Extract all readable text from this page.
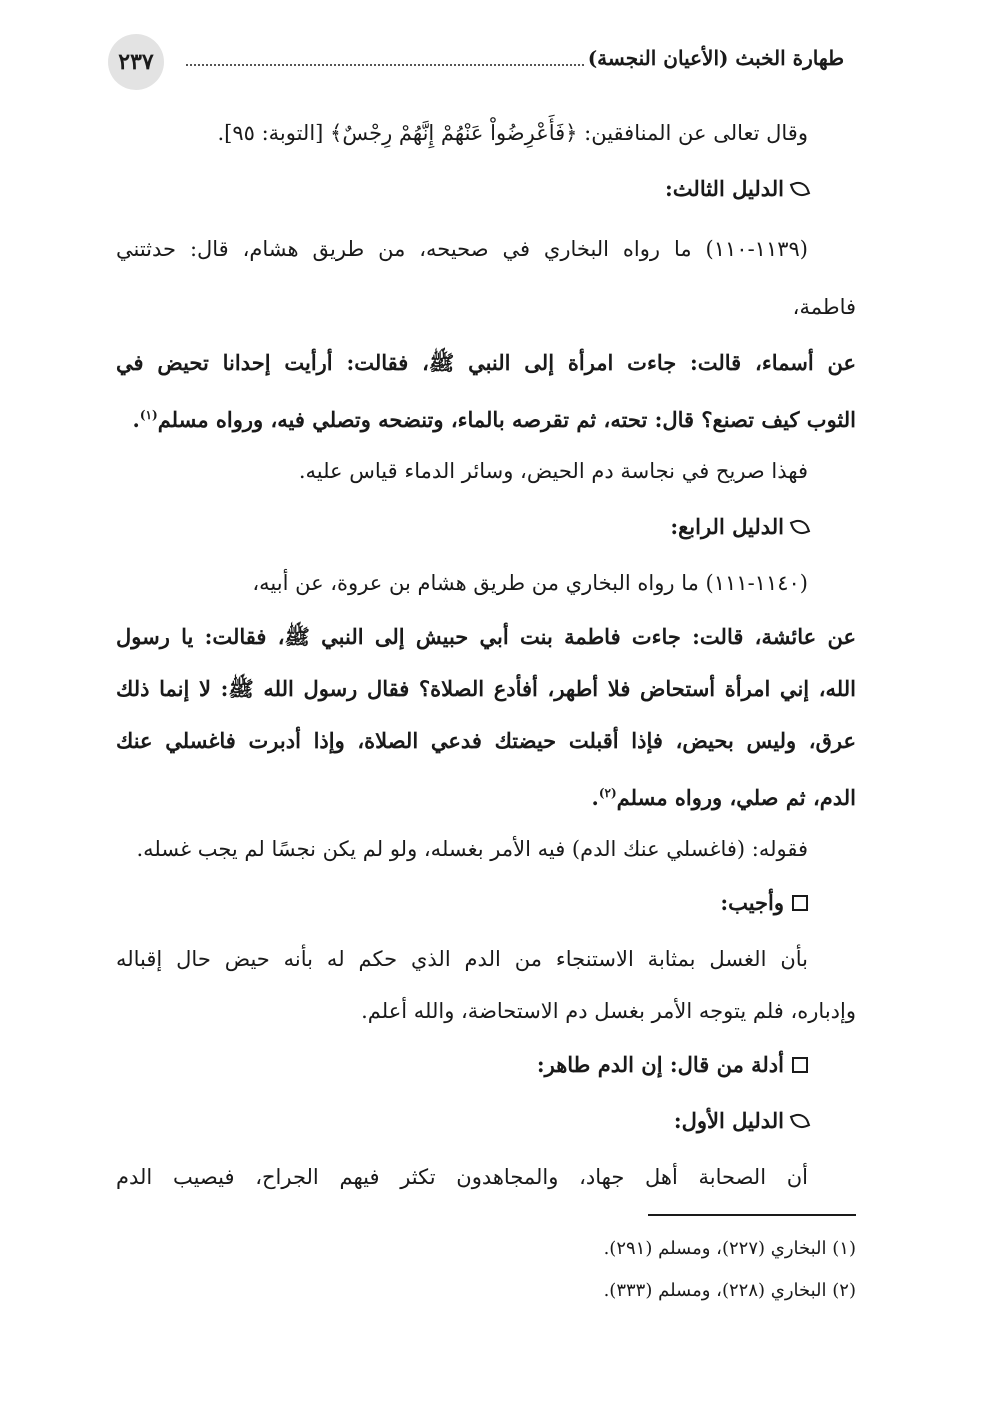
٢٣٧	طهارة الخبث (الأعيان النجسة)
وقال تعالى عن المنافقين: ﴿فَأَعْرِضُواْ عَنْهُمْ إِنَّهُمْ رِجْسٌ﴾ [التوبة: ٩٥].
الدليل الثالث:
(١١٣٩-١١٠) ما رواه البخاري في صحيحه، من طريق هشام، قال: حدثتني
فاطمة،
عن أسماء، قالت: جاءت امرأة إلى النبي ﷺ، فقالت: أرأيت إحدانا تحيض في
الثوب كيف تصنع؟ قال: تحته، ثم تقرصه بالماء، وتنضحه وتصلي فيه، ورواه مسلم$^{(١)}$.
فهذا صريح في نجاسة دم الحيض، وسائر الدماء قياس عليه.
الدليل الرابع:
(١١٤٠-١١١) ما رواه البخاري من طريق هشام بن عروة، عن أبيه،
عن عائشة، قالت: جاءت فاطمة بنت أبي حبيش إلى النبي ﷺ، فقالت: يا رسول
الله، إني امرأة أستحاض فلا أطهر، أفأدع الصلاة؟ فقال رسول الله ﷺ: لا إنما ذلك
عرق، وليس بحيض، فإذا أقبلت حيضتك فدعي الصلاة، وإذا أدبرت فاغسلي عنك
الدم، ثم صلي، ورواه مسلم$^{(٢)}$.
فقوله: (فاغسلي عنك الدم) فيه الأمر بغسله، ولو لم يكن نجسًا لم يجب غسله.
وأجيب:
بأن الغسل بمثابة الاستنجاء من الدم الذي حكم له بأنه حيض حال إقباله
وإدباره، فلم يتوجه الأمر بغسل دم الاستحاضة، والله أعلم.
أدلة من قال: إن الدم طاهر:
الدليل الأول:
أن الصحابة أهل جهاد، والمجاهدون تكثر فيهم الجراح، فيصيب الدم
(١) البخاري (٢٢٧)، ومسلم (٢٩١).
(٢) البخاري (٢٢٨)، ومسلم (٣٣٣).
